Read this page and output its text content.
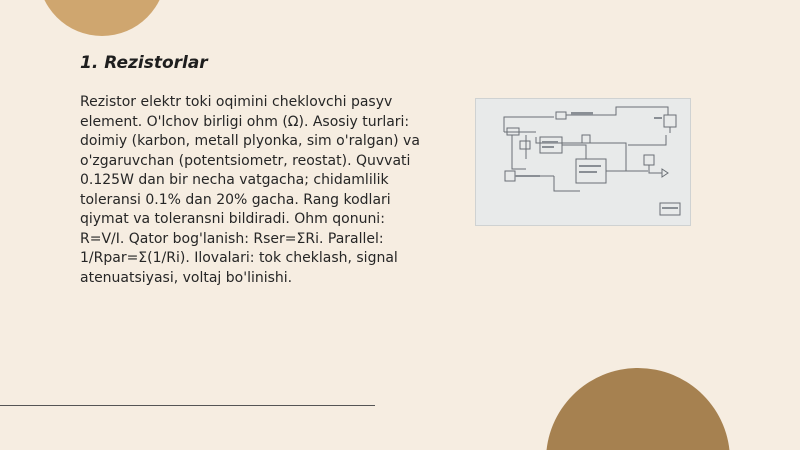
1. Rezistorlar

Rezistor elektr toki oqimini cheklovchi pasyv element. O'lchov birligi ohm (Ω). Asosiy turlari: doimiy (karbon, metall plyonka, sim o'ralgan) va o'zgaruvchan (potentsiometr, reostat). Quvvati 0.125W dan bir necha vatgacha; chidamlilik toleransi 0.1% dan 20% gacha. Rang kodlari qiymat va toleransni bildiradi. Ohm qonuni: R=V/I. Qator bog'lanish: Rser=ΣRi. Parallel: 1/Rpar=Σ(1/Ri). Ilovalari: tok cheklash, signal atenuatsiyasi, voltaj bo'linishi.
